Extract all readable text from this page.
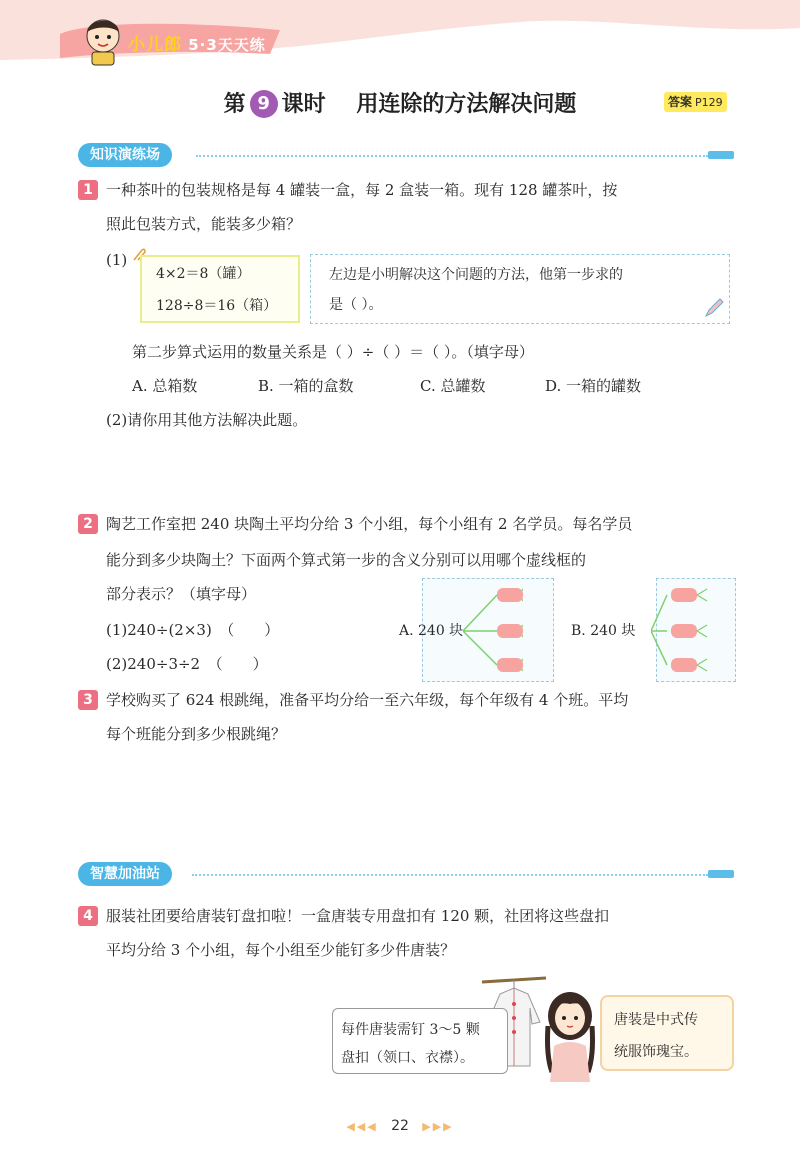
小儿郎 5·3天天练
第 9 课时 用连除的方法解决问题	答案 P129
知识演练场
1 一种茶叶的包装规格是每 4 罐装一盒，每 2 盒装一箱。现有 128 罐茶叶，按
照此包装方式，能装多少箱？
(1)
4×2＝8（罐）
128÷8＝16（箱）
左边是小明解决这个问题的方法，他第一步求的
是（ ）。
第二步算式运用的数量关系是（ ）÷（ ）＝（ ）。（填字母）
A. 总箱数	B. 一箱的盒数	C. 总罐数	D. 一箱的罐数
(2)请你用其他方法解决此题。
2 陶艺工作室把 240 块陶土平均分给 3 个小组，每个小组有 2 名学员。每名学员
能分到多少块陶土？下面两个算式第一步的含义分别可以用哪个虚线框的
部分表示？（填字母）
(1)240÷(2×3)　（　　）
(2)240÷3÷2　（　　）
A. 240 块	B. 240 块
3 学校购买了 624 根跳绳，准备平均分给一至六年级，每个年级有 4 个班。平均
每个班能分到多少根跳绳？
智慧加油站
4 服装社团要给唐装钉盘扣啦！一盒唐装专用盘扣有 120 颗，社团将这些盘扣
平均分给 3 个小组，每个小组至少能钉多少件唐装？
每件唐装需钉 3～5 颗
盘扣（领口、衣襟）。
唐装是中式传
统服饰瑰宝。
◀◀◀ 22 ▶▶▶
